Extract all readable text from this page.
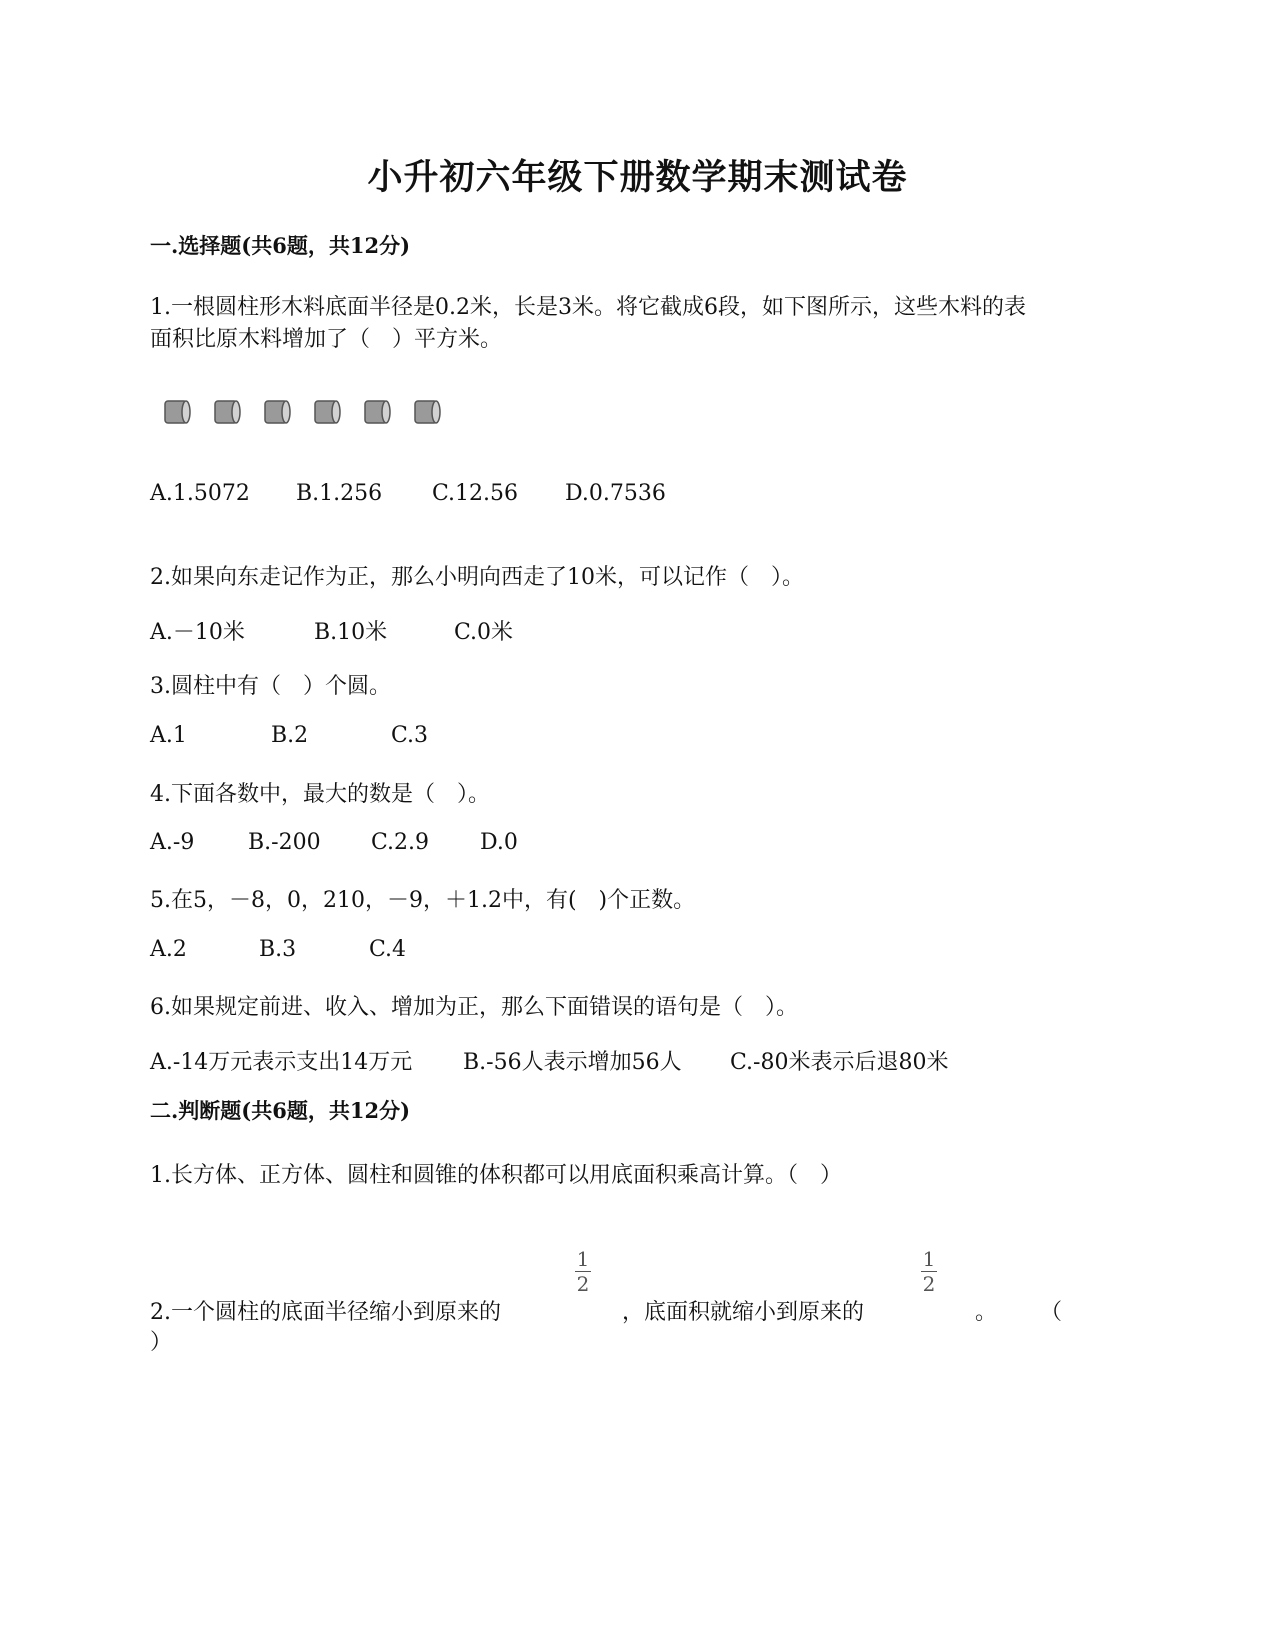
小升初六年级下册数学期末测试卷
一.选择题(共6题，共12分)
1.一根圆柱形木料底面半径是0.2米，长是3米。将它截成6段，如下图所示，这些木料的表
面积比原木料增加了（　）平方米。
A.1.5072 B.1.256 C.12.56 D.0.7536
2.如果向东走记作为正，那么小明向西走了10米，可以记作（　）。
A.－10米	B.10米	C.0米
3.圆柱中有（　）个圆。
A.1	B.2	C.3
4.下面各数中，最大的数是（　）。
A.-9 B.-200 C.2.9 D.0
5.在5，－8，0，210，－9，＋1.2中，有(　)个正数。
A.2	B.3	C.4
6.如果规定前进、收入、增加为正，那么下面错误的语句是（　）。
A.-14万元表示支出14万元 B.-56人表示增加56人 C.-80米表示后退80米
二.判断题(共6题，共12分)
1.长方体、正方体、圆柱和圆锥的体积都可以用底面积乘高计算。（　）
2.一个圆柱的底面半径缩小到原来的
1
2
，底面积就缩小到原来的
1
2
。 （
）
